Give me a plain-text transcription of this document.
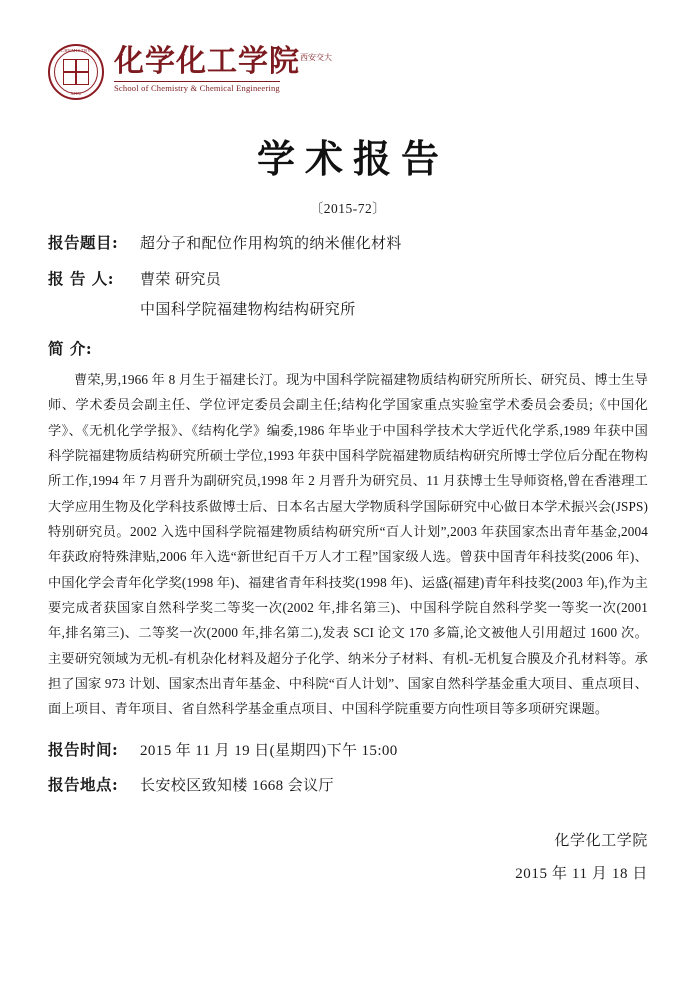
CHEMISTRY
XJTU
化学化工学院$^{西安交大}$
School of Chemistry & Chemical Engineering
学术报告
〔2015-72〕
报告题目:	超分子和配位作用构筑的纳米催化材料
报 告 人:	曹荣 研究员
中国科学院福建物构结构研究所
简 介:
曹荣,男,1966 年 8 月生于福建长汀。现为中国科学院福建物质结构研究所所长、研究员、博士生导师、学术委员会副主任、学位评定委员会副主任;结构化学国家重点实验室学术委员会委员;《中国化学》、《无机化学学报》、《结构化学》编委,1986 年毕业于中国科学技术大学近代化学系,1989 年获中国科学院福建物质结构研究所硕士学位,1993 年获中国科学院福建物质结构研究所博士学位后分配在物构所工作,1994 年 7 月晋升为副研究员,1998 年 2 月晋升为研究员、11 月获博士生导师资格,曾在香港理工大学应用生物及化学科技系做博士后、日本名古屋大学物质科学国际研究中心做日本学术振兴会(JSPS)特别研究员。2002 入选中国科学院福建物质结构研究所“百人计划”,2003 年获国家杰出青年基金,2004 年获政府特殊津贴,2006 年入选“新世纪百千万人才工程”国家级人选。曾获中国青年科技奖(2006 年)、中国化学会青年化学奖(1998 年)、福建省青年科技奖(1998 年)、运盛(福建)青年科技奖(2003 年),作为主要完成者获国家自然科学奖二等奖一次(2002 年,排名第三)、中国科学院自然科学奖一等奖一次(2001 年,排名第三)、二等奖一次(2000 年,排名第二),发表 SCI 论文 170 多篇,论文被他人引用超过 1600 次。主要研究领域为无机-有机杂化材料及超分子化学、纳米分子材料、有机-无机复合膜及介孔材料等。承担了国家 973 计划、国家杰出青年基金、中科院“百人计划”、国家自然科学基金重大项目、重点项目、面上项目、青年项目、省自然科学基金重点项目、中国科学院重要方向性项目等多项研究课题。
报告时间:	2015 年 11 月 19 日(星期四)下午 15:00
报告地点:	长安校区致知楼 1668 会议厅
化学化工学院
2015 年 11 月 18 日
